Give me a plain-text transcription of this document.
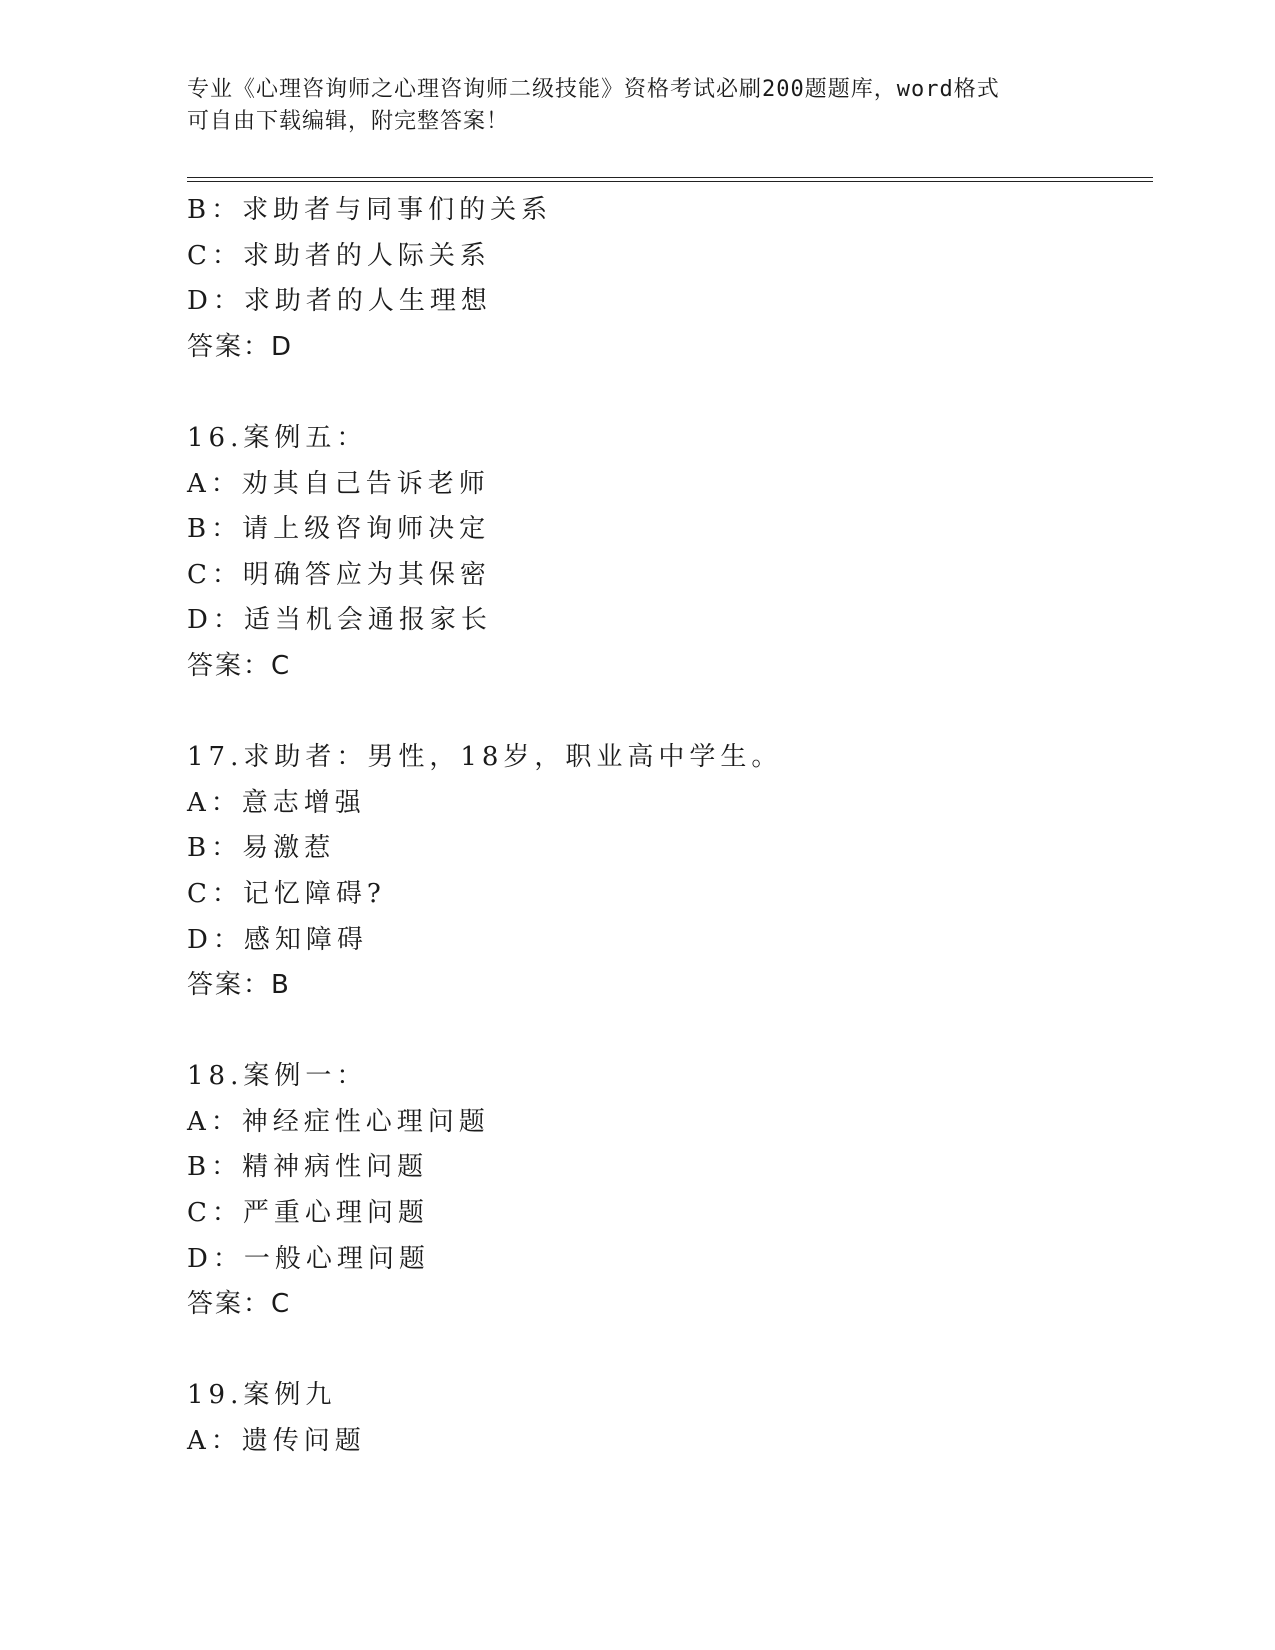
专业《心理咨询师之心理咨询师二级技能》资格考试必刷200题题库，word格式
可自由下载编辑，附完整答案！
B：求助者与同事们的关系
C：求助者的人际关系
D：求助者的人生理想
答案：D
16.案例五：
A：劝其自己告诉老师
B：请上级咨询师决定
C：明确答应为其保密
D：适当机会通报家长
答案：C
17.求助者：男性，18岁，职业高中学生。
A：意志增强
B：易激惹
C：记忆障碍?
D：感知障碍
答案：B
18.案例一：
A：神经症性心理问题
B：精神病性问题
C：严重心理问题
D：一般心理问题
答案：C
19.案例九
A：遗传问题
